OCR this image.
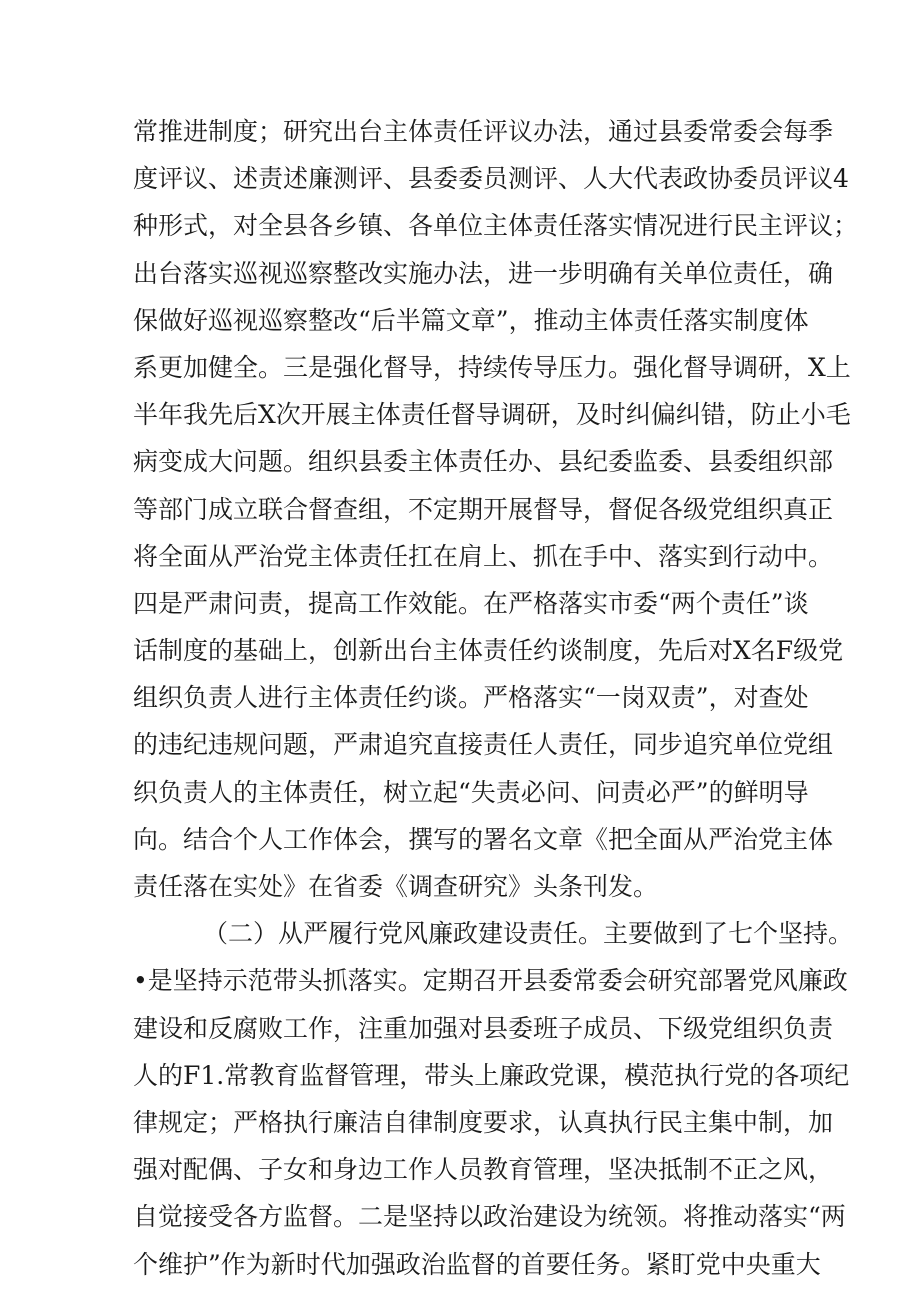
常推进制度；研究出台主体责任评议办法，通过县委常委会每季
度评议、述责述廉测评、县委委员测评、人大代表政协委员评议4
种形式，对全县各乡镇、各单位主体责任落实情况进行民主评议；
出台落实巡视巡察整改实施办法，进一步明确有关单位责任，确
保做好巡视巡察整改“后半篇文章”，推动主体责任落实制度体
系更加健全。三是强化督导，持续传导压力。强化督导调研，X上
半年我先后X次开展主体责任督导调研，及时纠偏纠错，防止小毛
病变成大问题。组织县委主体责任办、县纪委监委、县委组织部
等部门成立联合督查组，不定期开展督导，督促各级党组织真正
将全面从严治党主体责任扛在肩上、抓在手中、落实到行动中。
四是严肃问责，提高工作效能。在严格落实市委“两个责任”谈
话制度的基础上，创新出台主体责任约谈制度，先后对X名F级党
组织负责人进行主体责任约谈。严格落实“一岗双责”，对查处
的违纪违规问题，严肃追究直接责任人责任，同步追究单位党组
织负责人的主体责任，树立起“失责必问、问责必严”的鲜明导
向。结合个人工作体会，撰写的署名文章《把全面从严治党主体
责任落在实处》在省委《调查研究》头条刊发。
（二）从严履行党风廉政建设责任。主要做到了七个坚持。
•是坚持示范带头抓落实。定期召开县委常委会研究部署党风廉政
建设和反腐败工作，注重加强对县委班子成员、下级党组织负责
人的F1.常教育监督管理，带头上廉政党课，模范执行党的各项纪
律规定；严格执行廉洁自律制度要求，认真执行民主集中制，加
强对配偶、子女和身边工作人员教育管理，坚决抵制不正之风，
自觉接受各方监督。二是坚持以政治建设为统领。将推动落实“两
个维护”作为新时代加强政治监督的首要任务。紧盯党中央重大
